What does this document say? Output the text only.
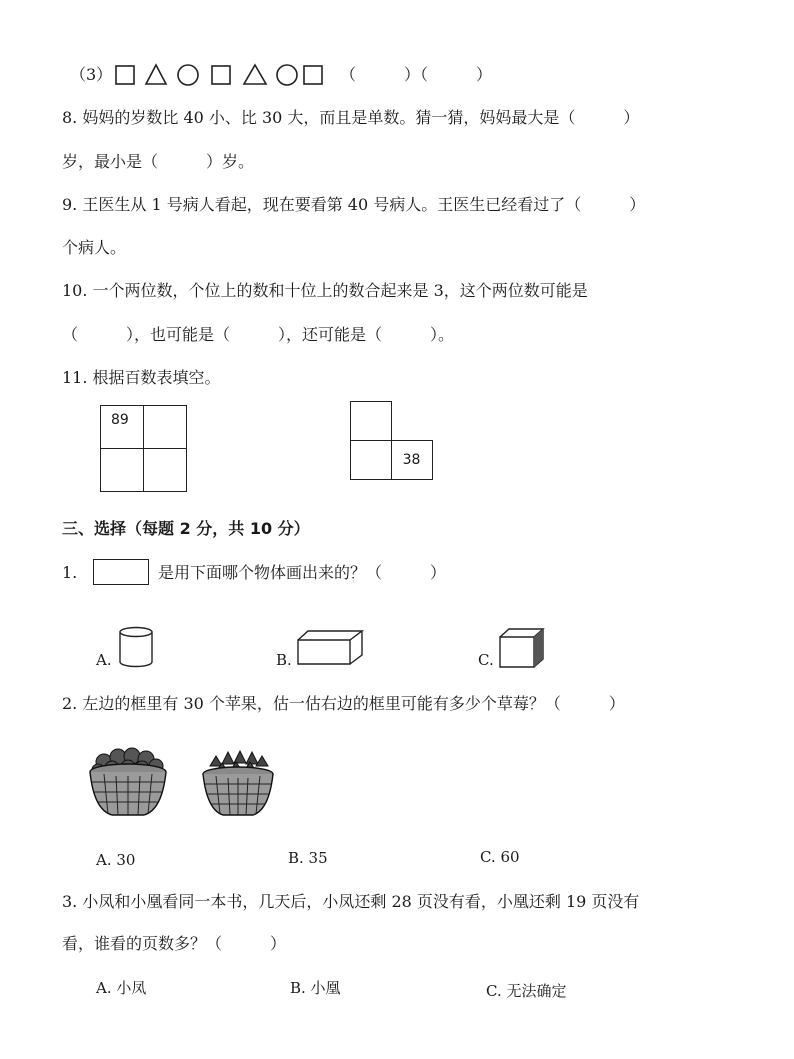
（3）	（　　　）（　　　）
8. 妈妈的岁数比 40 小、比 30 大，而且是单数。猜一猜，妈妈最大是（　　　）
岁，最小是（　　　）岁。
9. 王医生从 1 号病人看起，现在要看第 40 号病人。王医生已经看过了（　　　）
个病人。
10. 一个两位数，个位上的数和十位上的数合起来是 3，这个两位数可能是
（　　　），也可能是（　　　），还可能是（　　　）。
11. 根据百数表填空。
89
38
三、选择（每题 2 分，共 10 分）
1.	是用下面哪个物体画出来的？（　　　）
A.	B.	C.
2. 左边的框里有 30 个苹果，估一估右边的框里可能有多少个草莓？（　　　）
A. 30	B. 35	C. 60
3. 小凤和小凰看同一本书，几天后，小凤还剩 28 页没有看，小凰还剩 19 页没有
看，谁看的页数多？（　　　）
A. 小凤	B. 小凰	C. 无法确定
